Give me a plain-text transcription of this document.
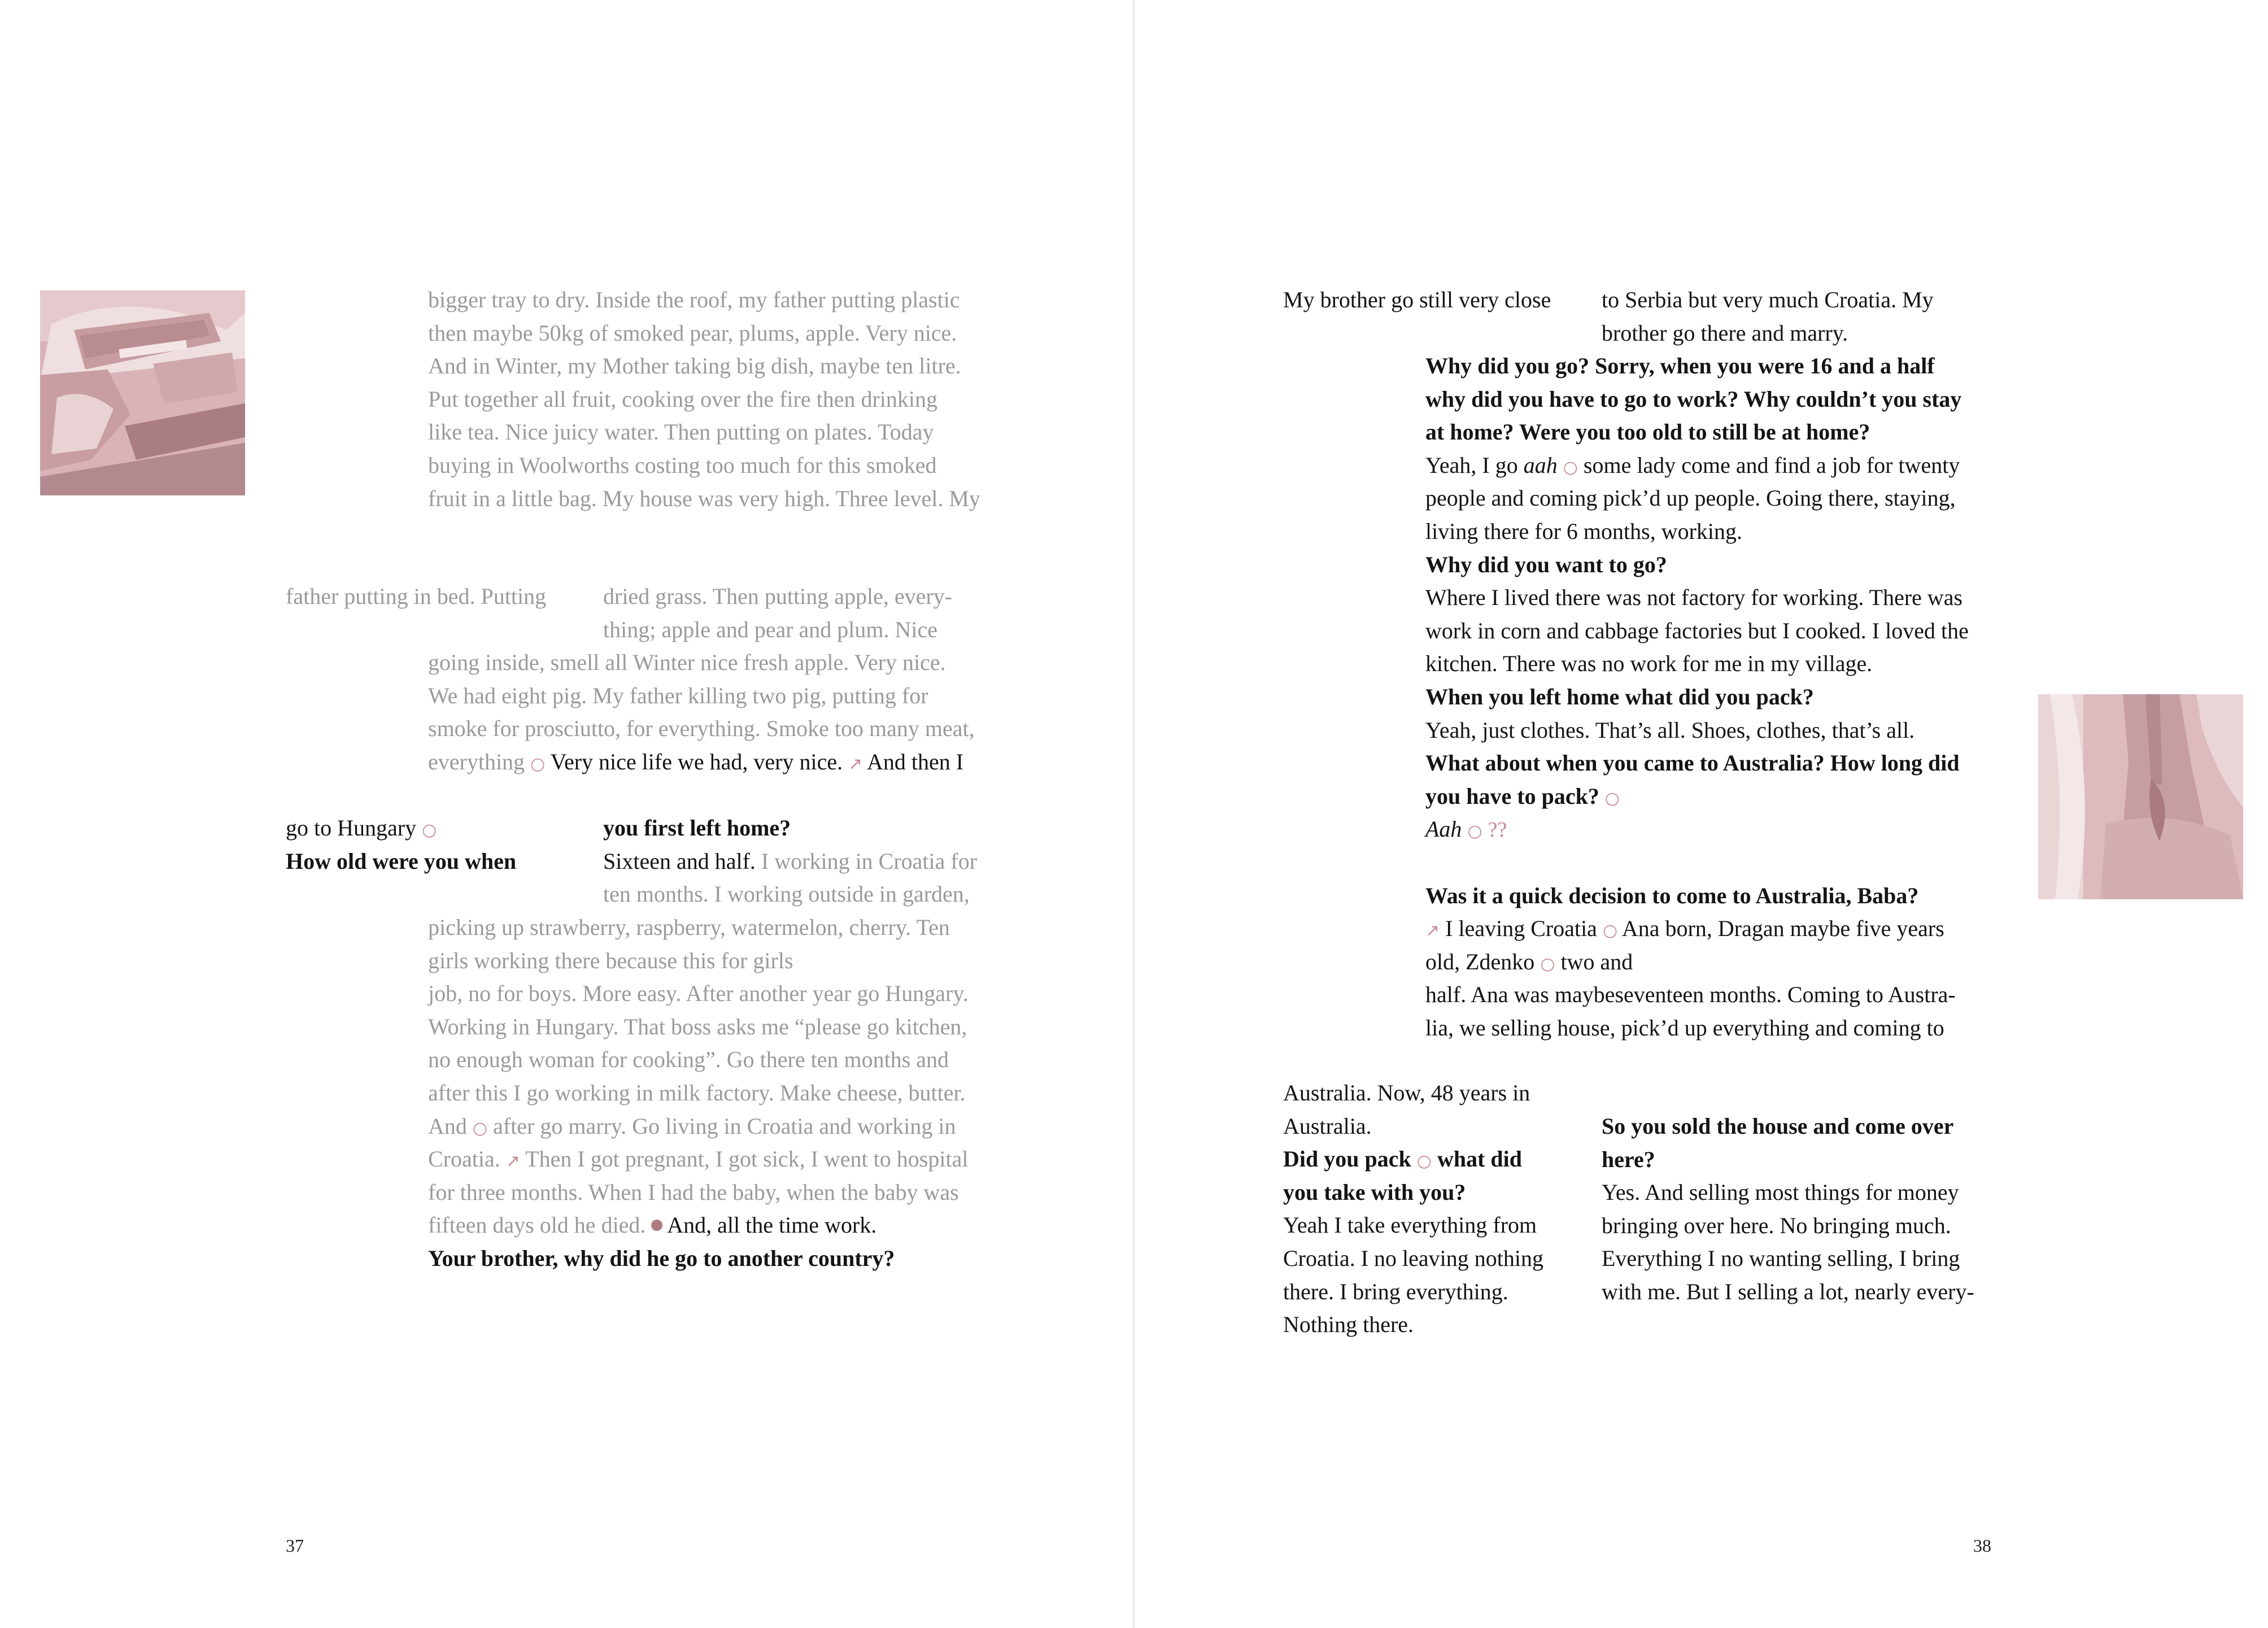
bigger tray to dry. Inside the roof, my father putting plastic
then maybe 50kg of smoked pear, plums, apple. Very nice.
And in Winter, my Mother taking big dish, maybe ten litre.
Put together all fruit, cooking over the fire then drinking
like tea. Nice juicy water. Then putting on plates. Today
buying in Woolworths costing too much for this smoked
fruit in a little bag. My house was very high. Three level. My
father putting in bed. Putting	dried grass. Then putting apple, every-
thing; apple and pear and plum. Nice
going inside, smell all Winter nice fresh apple. Very nice.
We had eight pig. My father killing two pig, putting for
smoke for prosciutto, for everything. Smoke too many meat,
everything ○ Very nice life we had, very nice. ↗ And then I
go to Hungary ○
How old were you when
you first left home?
Sixteen and half. I working in Croatia for
ten months. I working outside in garden,
picking up strawberry, raspberry, watermelon, cherry. Ten
girls working there because this for girls
job, no for boys. More easy. After another year go Hungary.
Working in Hungary. That boss asks me “please go kitchen,
no enough woman for cooking”. Go there ten months and
after this I go working in milk factory. Make cheese, butter.
And ○ after go marry. Go living in Croatia and working in
Croatia. ↗ Then I got pregnant, I got sick, I went to hospital
for three months. When I had the baby, when the baby was
fifteen days old he died. And, all the time work.
Your brother, why did he go to another country?
37
My brother go still very close to Serbia but very much Croatia. My
brother go there and marry.
Why did you go? Sorry, when you were 16 and a half
why did you have to go to work? Why couldn’t you stay
at home? Were you too old to still be at home?
Yeah, I go aah ○ some lady come and find a job for twenty
people and coming pick’d up people. Going there, staying,
living there for 6 months, working.
Why did you want to go?
Where I lived there was not factory for working. There was
work in corn and cabbage factories but I cooked. I loved the
kitchen. There was no work for me in my village.
When you left home what did you pack?
Yeah, just clothes. That’s all. Shoes, clothes, that’s all.
What about when you came to Australia? How long did
you have to pack? ○
Aah ○ ??
Was it a quick decision to come to Australia, Baba?
↗ I leaving Croatia ○ Ana born, Dragan maybe five years
old, Zdenko ○ two and
half. Ana was maybeseventeen months. Coming to Austra-
lia, we selling house, pick’d up everything and coming to
Australia. Now, 48 years in
Australia.
Did you pack ○ what did
you take with you?
Yeah I take everything from
Croatia. I no leaving nothing
there. I bring everything.
Nothing there.
So you sold the house and come over
here?
Yes. And selling most things for money
bringing over here. No bringing much.
Everything I no wanting selling, I bring
with me. But I selling a lot, nearly every-
38
